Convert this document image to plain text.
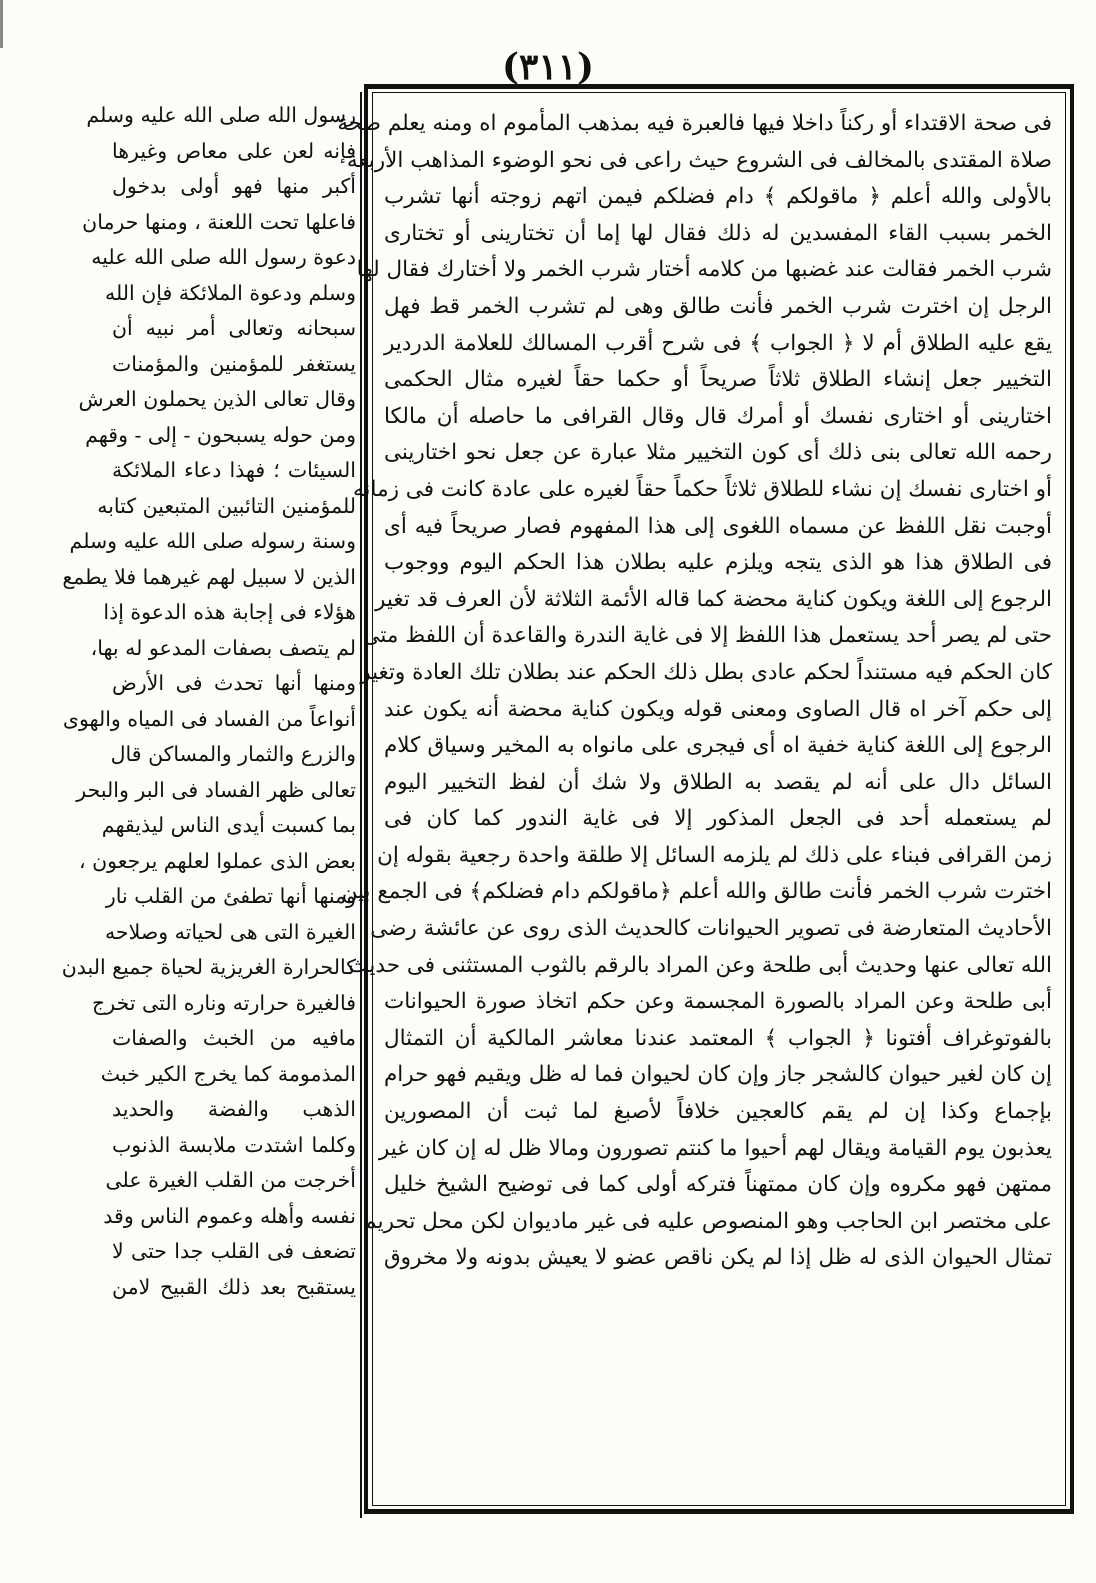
(٣١١)
رسول الله صلى الله عليه وسلم
فإنه لعن على معاص وغيرها
أكبر منها فهو أولى بدخول
فاعلها تحت اللعنة ، ومنها حرمان
دعوة رسول الله صلى الله عليه
وسلم ودعوة الملائكة فإن الله
سبحانه وتعالى أمر نبيه أن
يستغفر للمؤمنين والمؤمنات
وقال تعالى الذين يحملون العرش
ومن حوله يسبحون - إلى - وقهم
السيئات ؛ فهذا دعاء الملائكة
للمؤمنين التائبين المتبعين كتابه
وسنة رسوله صلى الله عليه وسلم
الذين لا سبيل لهم غيرهما فلا يطمع
هؤلاء فى إجابة هذه الدعوة إذا
لم يتصف بصفات المدعو له بها،
ومنها أنها تحدث فى الأرض
أنواعاً من الفساد فى المياه والهوى
والزرع والثمار والمساكن قال
تعالى ظهر الفساد فى البر والبحر
بما كسبت أيدى الناس ليذيقهم
بعض الذى عملوا لعلهم يرجعون ،
ومنها أنها تطفئ من القلب نار
الغيرة التى هى لحياته وصلاحه
كالحرارة الغريزية لحياة جميع البدن
فالغيرة حرارته وناره التى تخرج
مافيه من الخبث والصفات
المذمومة كما يخرج الكير خبث
الذهب والفضة والحديد
وكلما اشتدت ملابسة الذنوب
أخرجت من القلب الغيرة على
نفسه وأهله وعموم الناس وقد
تضعف فى القلب جدا حتى لا
يستقبح بعد ذلك القبيح لامن
فى صحة الاقتداء أو ركناً داخلا فيها فالعبرة فيه بمذهب المأموم اه ومنه يعلم صحة
صلاة المقتدى بالمخالف فى الشروع حيث راعى فى نحو الوضوء المذاهب الأربعة
بالأولى والله أعلم ﴿ ماقولكم ﴾ دام فضلكم فيمن اتهم زوجته أنها تشرب
الخمر بسبب القاء المفسدين له ذلك فقال لها إما أن تختارينى أو تختارى
شرب الخمر فقالت عند غضبها من كلامه أختار شرب الخمر ولا أختارك فقال لها
الرجل إن اخترت شرب الخمر فأنت طالق وهى لم تشرب الخمر قط فهل
يقع عليه الطلاق أم لا ﴿ الجواب ﴾ فى شرح أقرب المسالك للعلامة الدردير
التخيير جعل إنشاء الطلاق ثلاثاً صريحاً أو حكما حقاً لغيره مثال الحكمى
اختارينى أو اختارى نفسك أو أمرك قال وقال القرافى ما حاصله أن مالكا
رحمه الله تعالى بنى ذلك أى كون التخيير مثلا عبارة عن جعل نحو اختارينى
أو اختارى نفسك إن نشاء للطلاق ثلاثاً حكماً حقاً لغيره على عادة كانت فى زمانه
أوجبت نقل اللفظ عن مسماه اللغوى إلى هذا المفهوم فصار صريحاً فيه أى
فى الطلاق هذا هو الذى يتجه ويلزم عليه بطلان هذا الحكم اليوم ووجوب
الرجوع إلى اللغة ويكون كناية محضة كما قاله الأئمة الثلاثة لأن العرف قد تغير
حتى لم يصر أحد يستعمل هذا اللفظ إلا فى غاية الندرة والقاعدة أن اللفظ متى
كان الحكم فيه مستنداً لحكم عادى بطل ذلك الحكم عند بطلان تلك العادة وتغير
إلى حكم آخر اه قال الصاوى ومعنى قوله ويكون كناية محضة أنه يكون عند
الرجوع إلى اللغة كناية خفية اه أى فيجرى على مانواه به المخير وسياق كلام
السائل دال على أنه لم يقصد به الطلاق ولا شك أن لفظ التخيير اليوم
لم يستعمله أحد فى الجعل المذكور إلا فى غاية الندور كما كان فى
زمن القرافى فبناء على ذلك لم يلزمه السائل إلا طلقة واحدة رجعية بقوله إن
اخترت شرب الخمر فأنت طالق والله أعلم ﴿ماقولكم دام فضلكم﴾ فى الجمع بين
الأحاديث المتعارضة فى تصوير الحيوانات كالحديث الذى روى عن عائشة رضى
الله تعالى عنها وحديث أبى طلحة وعن المراد بالرقم بالثوب المستثنى فى حديث
أبى طلحة وعن المراد بالصورة المجسمة وعن حكم اتخاذ صورة الحيوانات
بالفوتوغراف أفتونا ﴿ الجواب ﴾ المعتمد عندنا معاشر المالكية أن التمثال
إن كان لغير حيوان كالشجر جاز وإن كان لحيوان فما له ظل ويقيم فهو حرام
بإجماع وكذا إن لم يقم كالعجين خلافاً لأصبغ لما ثبت أن المصورين
يعذبون يوم القيامة ويقال لهم أحيوا ما كنتم تصورون ومالا ظل له إن كان غير
ممتهن فهو مكروه وإن كان ممتهناً فتركه أولى كما فى توضيح الشيخ خليل
على مختصر ابن الحاجب وهو المنصوص عليه فى غير ماديوان لكن محل تحريم
تمثال الحيوان الذى له ظل إذا لم يكن ناقص عضو لا يعيش بدونه ولا مخروق
